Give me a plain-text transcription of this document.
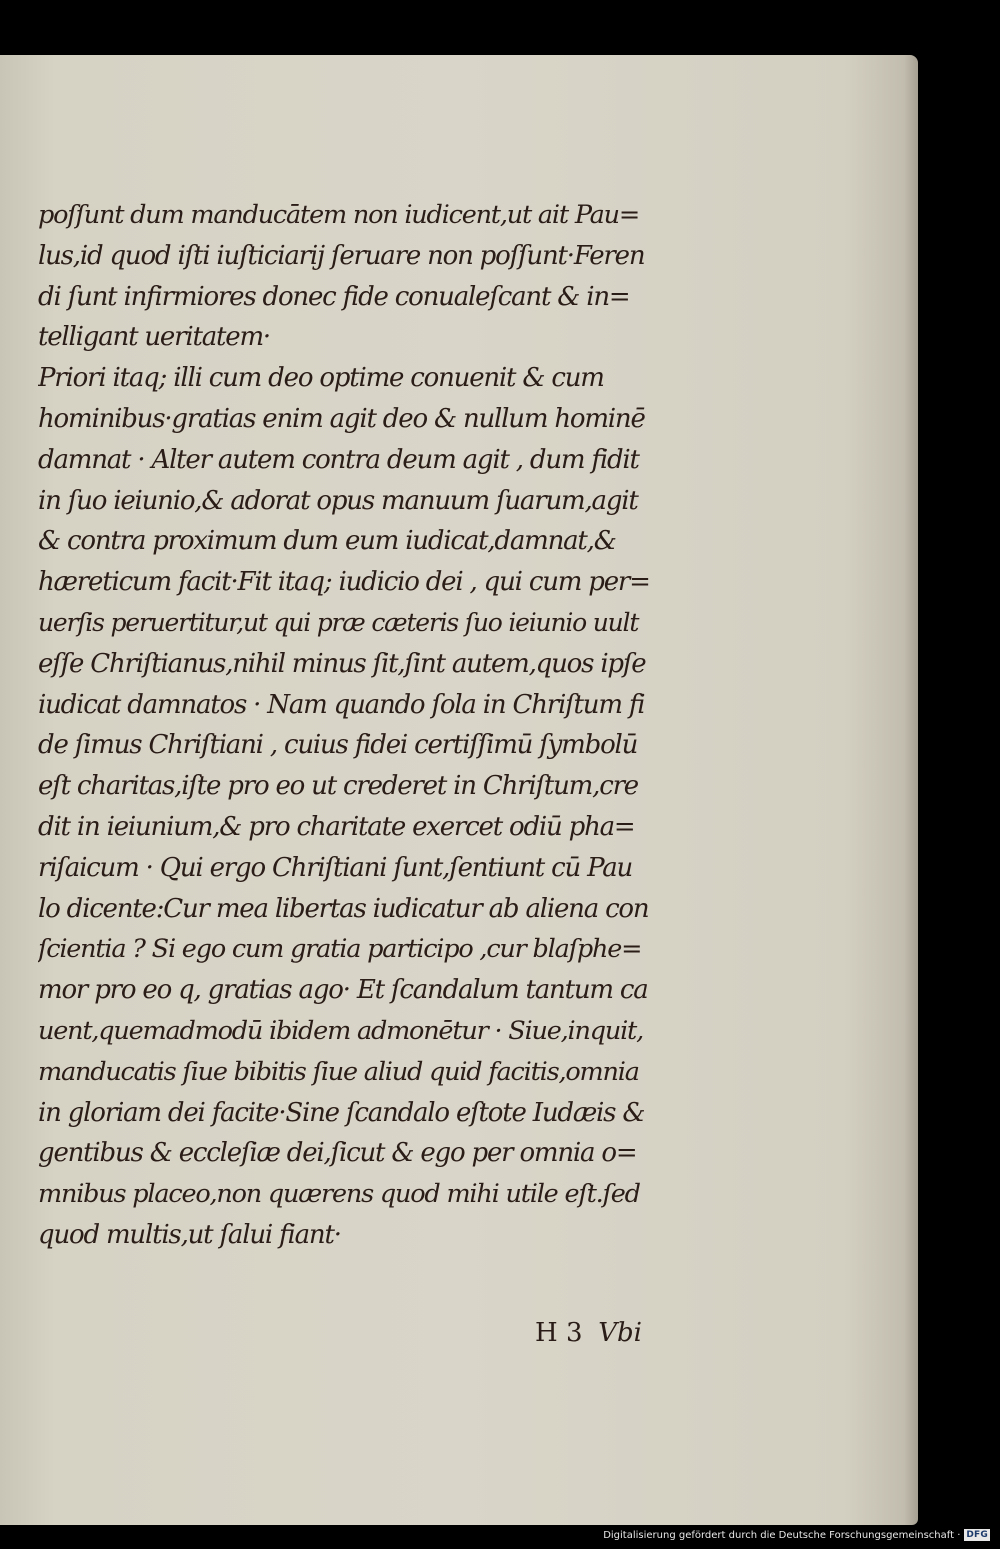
poſſunt dum manducātem non iudicent,ut ait Pau=
lus,id quod iſti iuſticiarij ſeruare non poſſunt·Feren
di ſunt infirmiores donec fide conualeſcant & in=
telligant ueritatem·
Priori itaq; illi cum deo optime conuenit & cum
hominibus·gratias enim agit deo & nullum hominē
damnat · Alter autem contra deum agit , dum fidit
in ſuo ieiunio,& adorat opus manuum ſuarum,agit
& contra proximum dum eum iudicat,damnat,&
hæreticum facit·Fit itaq; iudicio dei , qui cum per=
uerſis peruertitur,ut qui præ cæteris ſuo ieiunio uult
eſſe Chriſtianus,nihil minus ſit,ſint autem,quos ipſe
iudicat damnatos · Nam quando ſola in Chriſtum fi
de ſimus Chriſtiani , cuius fidei certiſſimū ſymbolū
eſt charitas,iſte pro eo ut crederet in Chriſtum,cre
dit in ieiunium,& pro charitate exercet odiū pha=
riſaicum · Qui ergo Chriſtiani ſunt,ſentiunt cū Pau
lo dicente:Cur mea libertas iudicatur ab aliena con
ſcientia ? Si ego cum gratia participo ,cur blaſphe=
mor pro eo q, gratias ago· Et ſcandalum tantum ca
uent,quemadmodū ibidem admonētur · Siue,inquit,
manducatis ſiue bibitis ſiue aliud quid facitis,omnia
in gloriam dei facite·Sine ſcandalo eſtote Iudæis &
gentibus & eccleſiæ dei,ſicut & ego per omnia o=
mnibus placeo,non quærens quod mihi utile eſt.ſed
quod multis,ut ſalui fiant·
H 3 Vbi
Digitalisierung gefördert durch die Deutsche Forschungsgemeinschaft · DFG
